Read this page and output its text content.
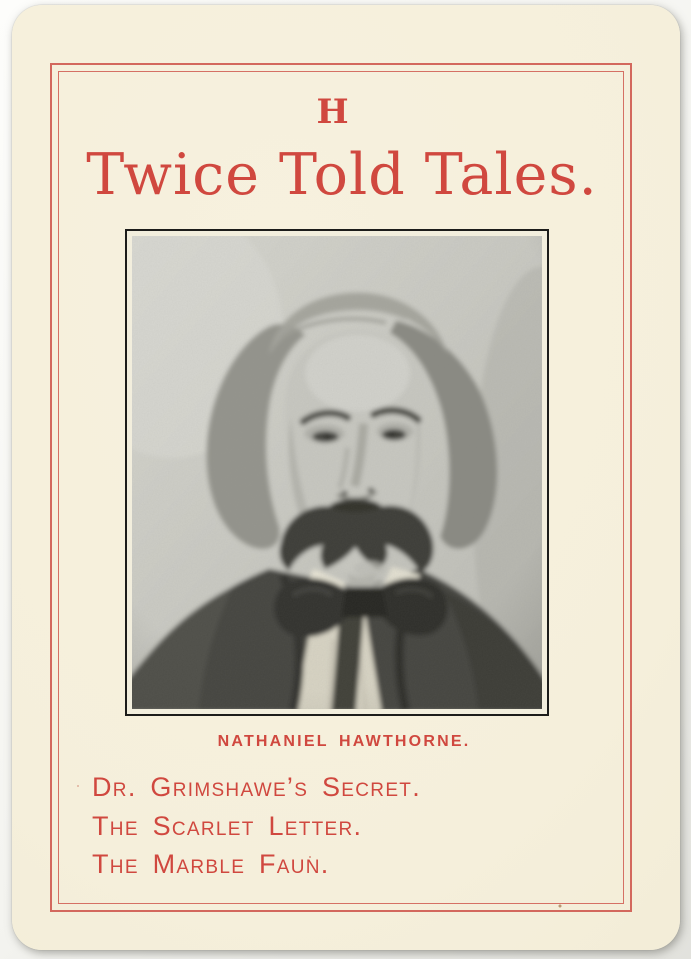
H
Twice Told Tales.
NATHANIEL HAWTHORNE.
Dr. Grimshawe’s Secret.
The Scarlet Letter.
The Marble Faun.
